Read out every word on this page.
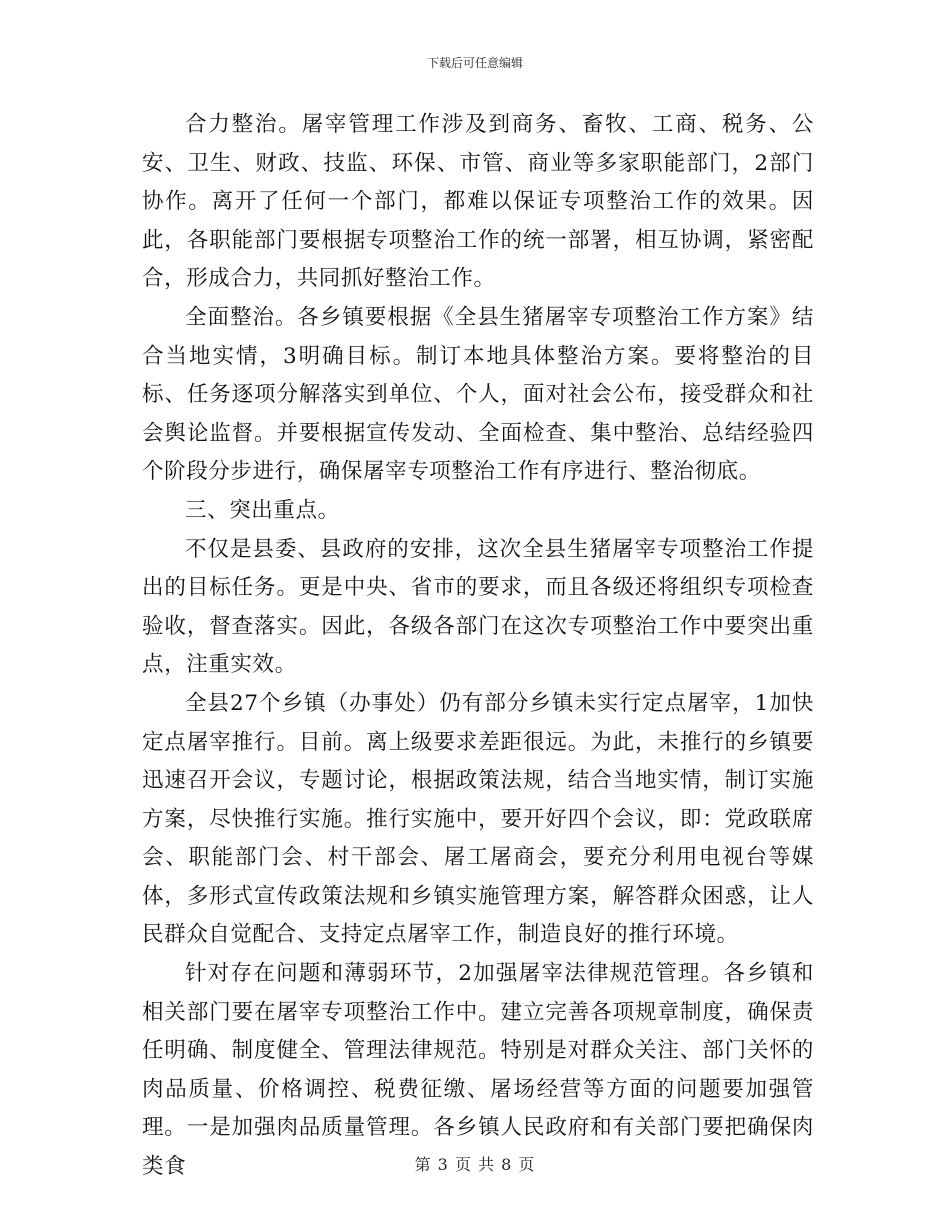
下载后可任意编辑

合力整治。屠宰管理工作涉及到商务、畜牧、工商、税务、公安、卫生、财政、技监、环保、市管、商业等多家职能部门，2部门协作。离开了任何一个部门，都难以保证专项整治工作的效果。因此，各职能部门要根据专项整治工作的统一部署，相互协调，紧密配合，形成合力，共同抓好整治工作。

全面整治。各乡镇要根据《全县生猪屠宰专项整治工作方案》结合当地实情，3明确目标。制订本地具体整治方案。要将整治的目标、任务逐项分解落实到单位、个人，面对社会公布，接受群众和社会舆论监督。并要根据宣传发动、全面检查、集中整治、总结经验四个阶段分步进行，确保屠宰专项整治工作有序进行、整治彻底。

三、突出重点。

不仅是县委、县政府的安排，这次全县生猪屠宰专项整治工作提出的目标任务。更是中央、省市的要求，而且各级还将组织专项检查验收，督查落实。因此，各级各部门在这次专项整治工作中要突出重点，注重实效。

全县27个乡镇（办事处）仍有部分乡镇未实行定点屠宰，1加快定点屠宰推行。目前。离上级要求差距很远。为此，未推行的乡镇要迅速召开会议，专题讨论，根据政策法规，结合当地实情，制订实施方案，尽快推行实施。推行实施中，要开好四个会议，即：党政联席会、职能部门会、村干部会、屠工屠商会，要充分利用电视台等媒体，多形式宣传政策法规和乡镇实施管理方案，解答群众困惑，让人民群众自觉配合、支持定点屠宰工作，制造良好的推行环境。

针对存在问题和薄弱环节，2加强屠宰法律规范管理。各乡镇和相关部门要在屠宰专项整治工作中。建立完善各项规章制度，确保责任明确、制度健全、管理法律规范。特别是对群众关注、部门关怀的肉品质量、价格调控、税费征缴、屠场经营等方面的问题要加强管理。一是加强肉品质量管理。各乡镇人民政府和有关部门要把确保肉类食	第 3 页 共 8 页
